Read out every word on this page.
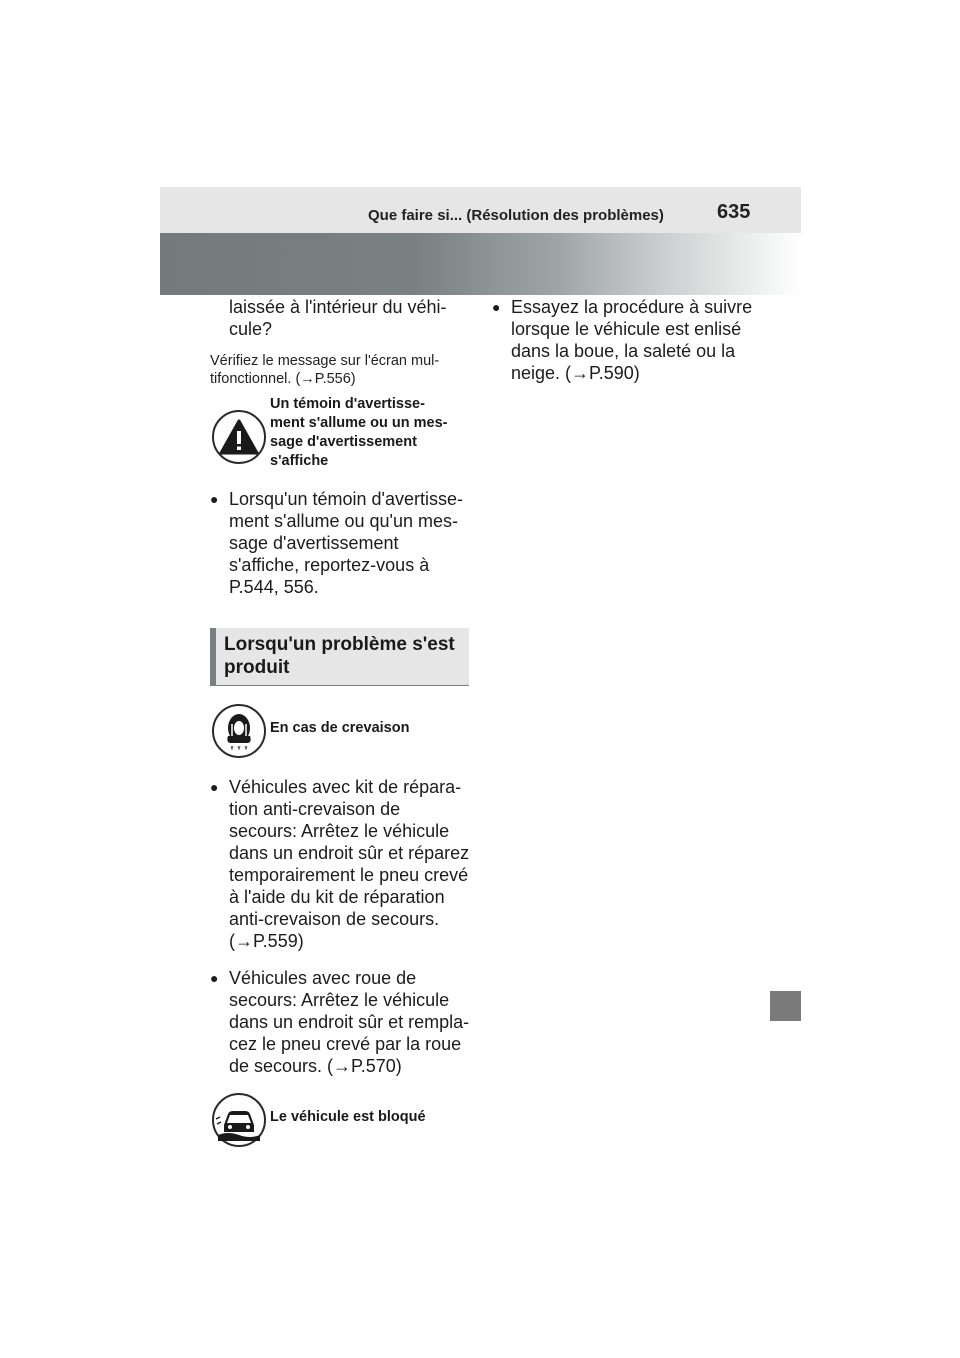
Que faire si... (Résolution des problèmes)	635
laissée à l'intérieur du véhi-
cule?
Vérifiez le message sur l'écran mul-tifonctionnel. (→P.556)
Un témoin d'avertisse-
ment s'allume ou un mes-
sage d'avertissement
s'affiche
● Lorsqu'un témoin d'avertisse-
ment s'allume ou qu'un mes-
sage d'avertissement
s'affiche, reportez-vous à
P.544, 556.
Lorsqu'un problème s'est
produit
En cas de crevaison
● Véhicules avec kit de répara-
tion anti-crevaison de
secours: Arrêtez le véhicule
dans un endroit sûr et réparez
temporairement le pneu crevé
à l'aide du kit de réparation
anti-crevaison de secours.
(→P.559)
● Véhicules avec roue de
secours: Arrêtez le véhicule
dans un endroit sûr et rempla-
cez le pneu crevé par la roue
de secours. (→P.570)
Le véhicule est bloqué
● Essayez la procédure à suivre
lorsque le véhicule est enlisé
dans la boue, la saleté ou la
neige. (→P.590)
